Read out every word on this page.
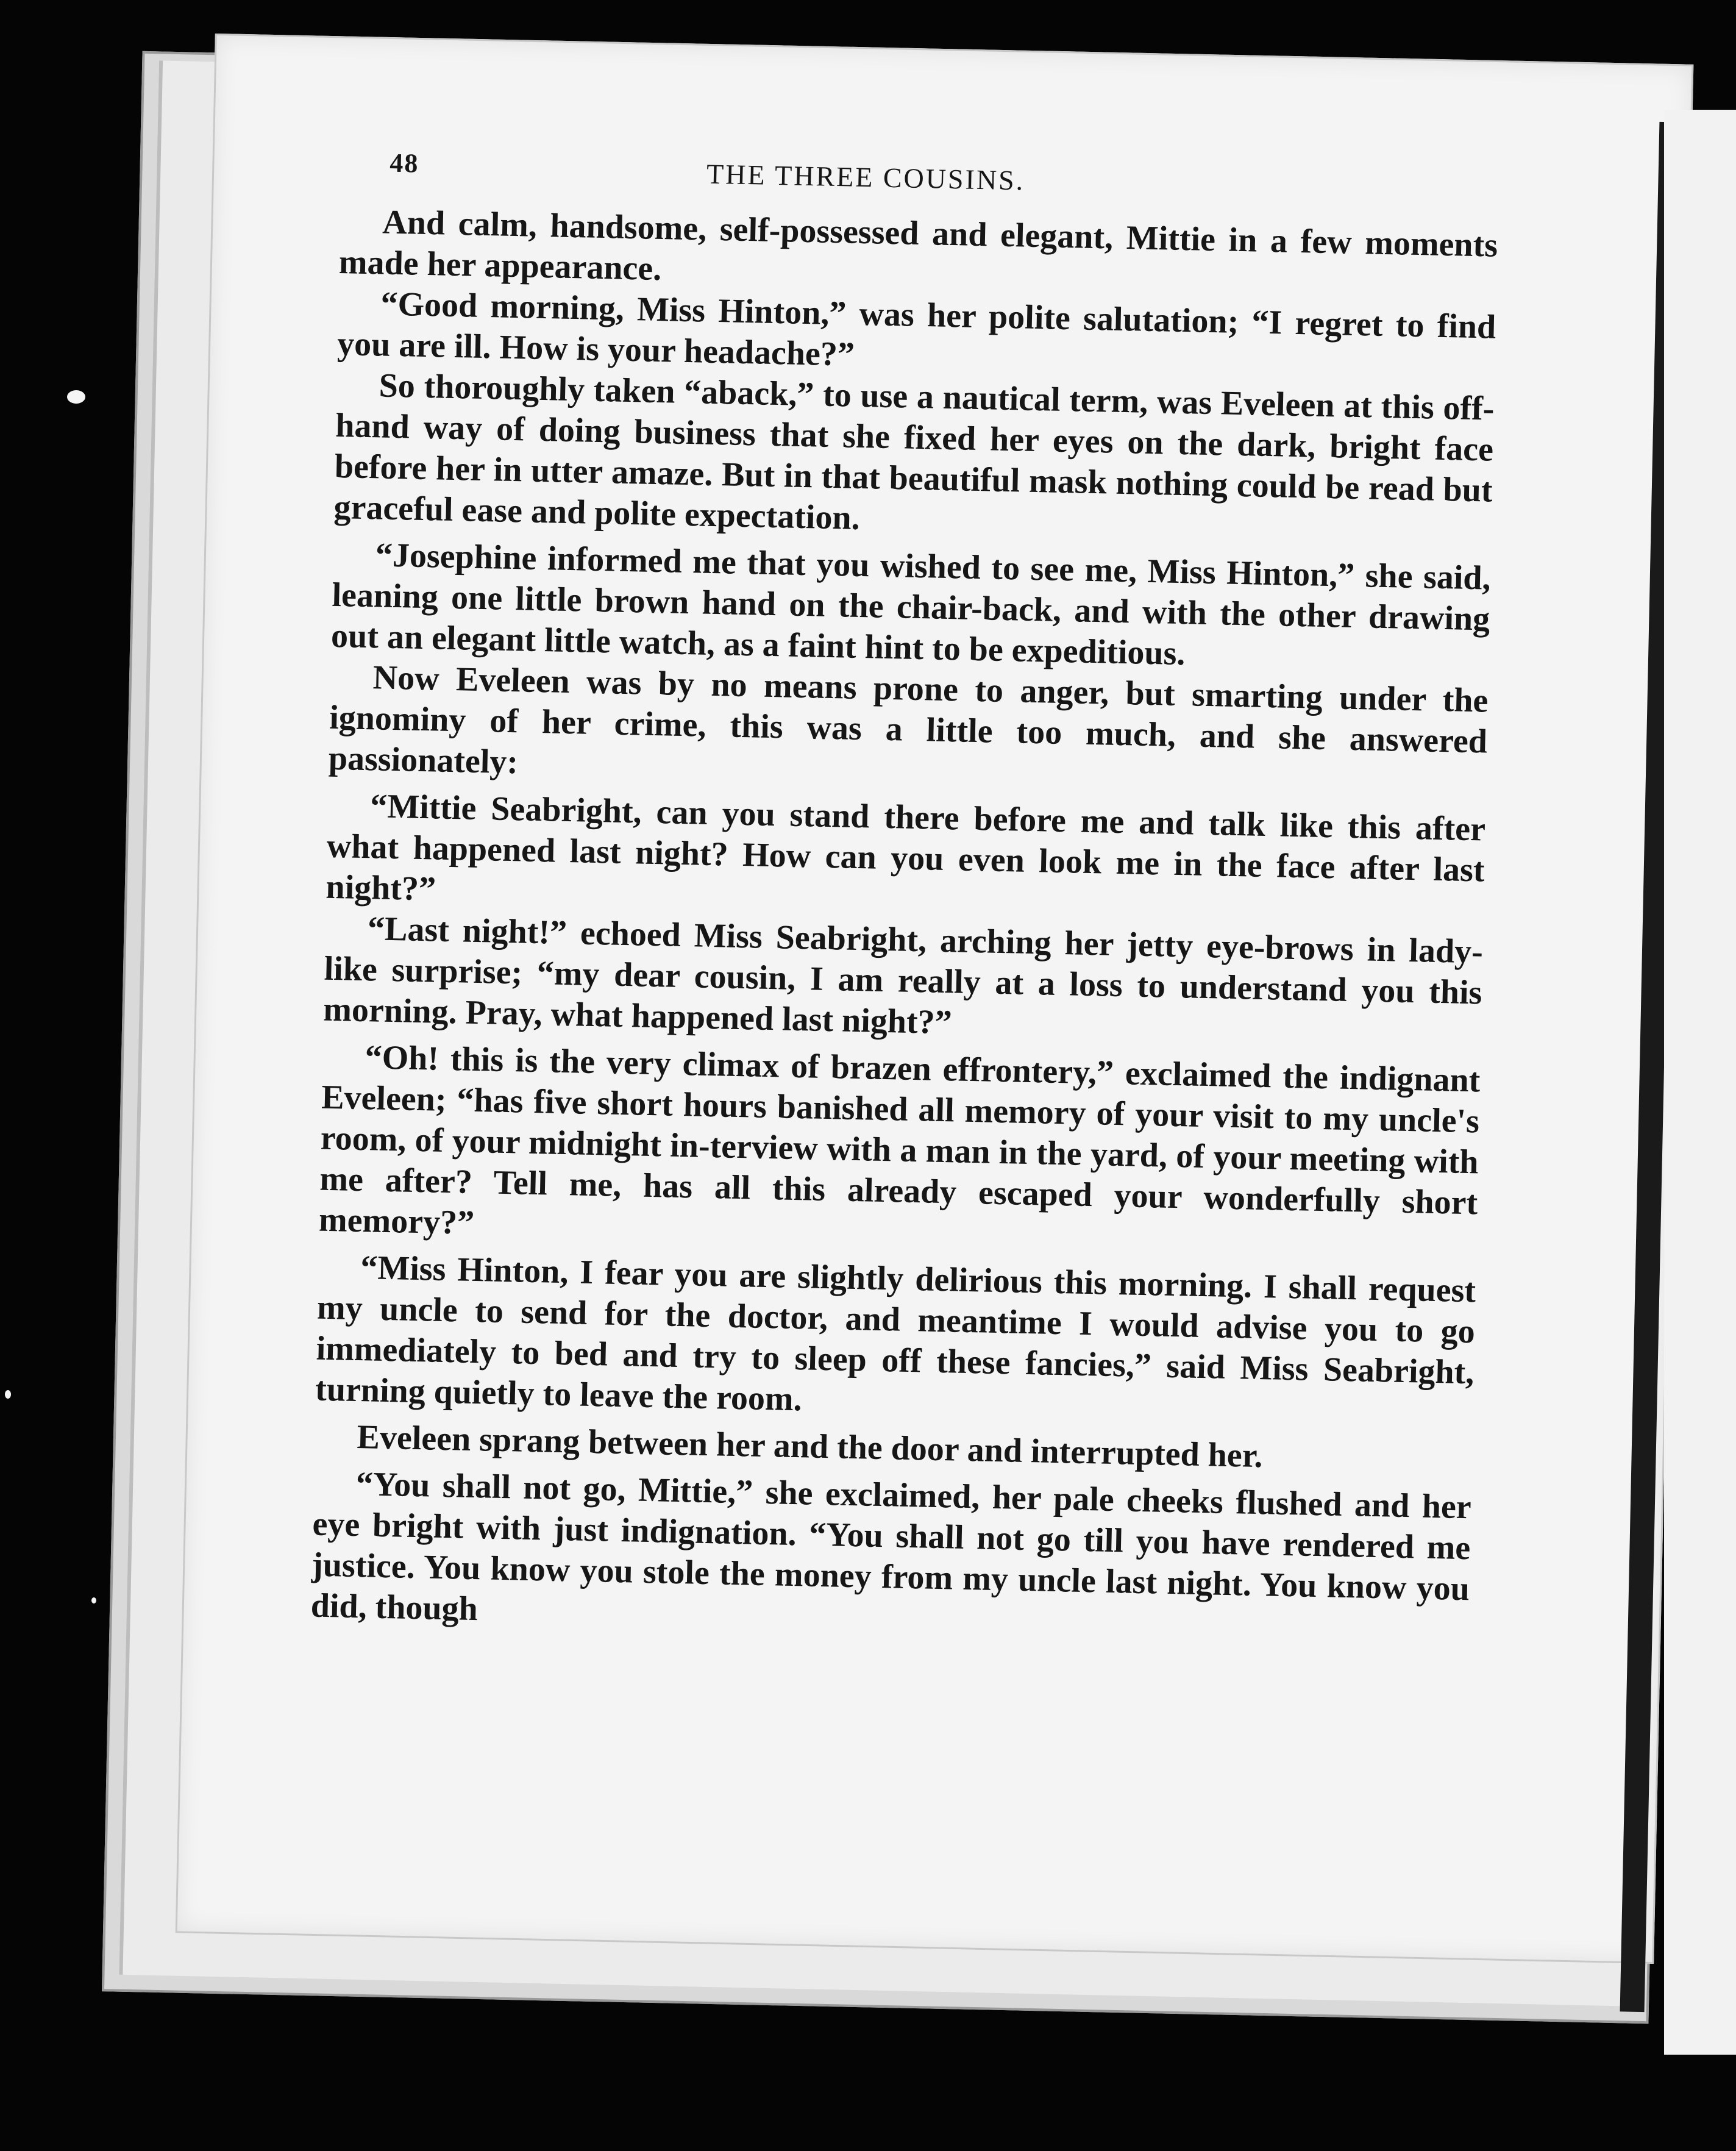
48	THE THREE COUSINS.

And calm, handsome, self-possessed and elegant, Mittie in a few moments made her appearance.

“Good morning, Miss Hinton,” was her polite salutation; “I regret to find you are ill. How is your headache?”

So thoroughly taken “aback,” to use a nautical term, was Eveleen at this off-hand way of doing business that she fixed her eyes on the dark, bright face before her in utter amaze. But in that beautiful mask nothing could be read but graceful ease and polite expectation.

“Josephine informed me that you wished to see me, Miss Hinton,” she said, leaning one little brown hand on the chair-back, and with the other drawing out an elegant little watch, as a faint hint to be expeditious.

Now Eveleen was by no means prone to anger, but smarting under the ignominy of her crime, this was a little too much, and she answered passionately:

“Mittie Seabright, can you stand there before me and talk like this after what happened last night? How can you even look me in the face after last night?”

“Last night!” echoed Miss Seabright, arching her jetty eye-brows in lady-like surprise; “my dear cousin, I am really at a loss to understand you this morning. Pray, what happened last night?”

“Oh! this is the very climax of brazen effrontery,” exclaimed the indignant Eveleen; “has five short hours banished all memory of your visit to my uncle's room, of your midnight in-terview with a man in the yard, of your meeting with me after? Tell me, has all this already escaped your wonderfully short memory?”

“Miss Hinton, I fear you are slightly delirious this morning. I shall request my uncle to send for the doctor, and meantime I would advise you to go immediately to bed and try to sleep off these fancies,” said Miss Seabright, turning quietly to leave the room.

Eveleen sprang between her and the door and interrupted her.

“You shall not go, Mittie,” she exclaimed, her pale cheeks flushed and her eye bright with just indignation. “You shall not go till you have rendered me justice. You know you stole the money from my uncle last night. You know you did, though
